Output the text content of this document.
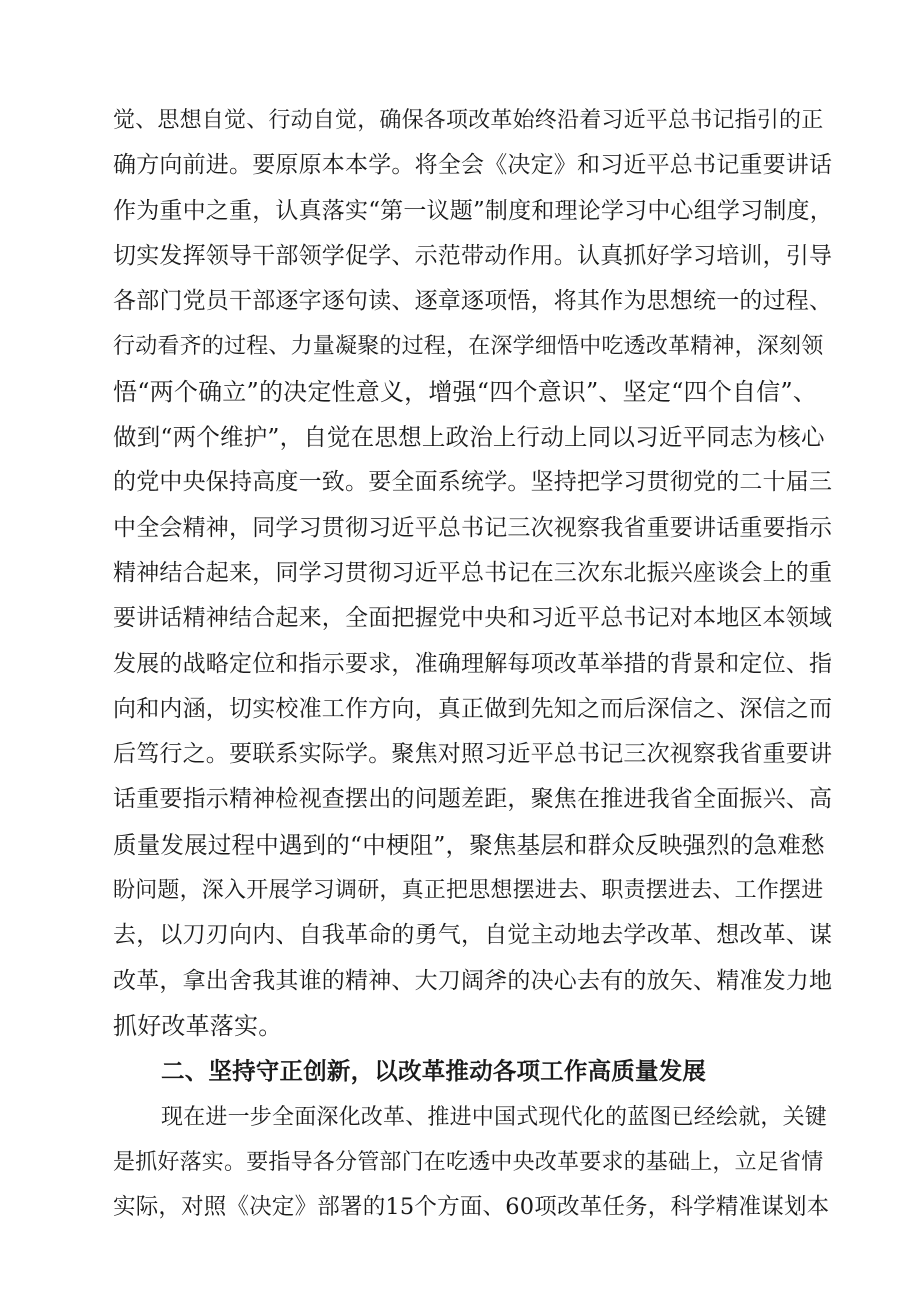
觉、思想自觉、行动自觉，确保各项改革始终沿着习近平总书记指引的正
确方向前进。要原原本本学。将全会《决定》和习近平总书记重要讲话
作为重中之重，认真落实“第一议题”制度和理论学习中心组学习制度，
切实发挥领导干部领学促学、示范带动作用。认真抓好学习培训，引导
各部门党员干部逐字逐句读、逐章逐项悟，将其作为思想统一的过程、
行动看齐的过程、力量凝聚的过程，在深学细悟中吃透改革精神，深刻领
悟“两个确立”的决定性意义，增强“四个意识”、坚定“四个自信”、
做到“两个维护”，自觉在思想上政治上行动上同以习近平同志为核心
的党中央保持高度一致。要全面系统学。坚持把学习贯彻党的二十届三
中全会精神，同学习贯彻习近平总书记三次视察我省重要讲话重要指示
精神结合起来，同学习贯彻习近平总书记在三次东北振兴座谈会上的重
要讲话精神结合起来，全面把握党中央和习近平总书记对本地区本领域
发展的战略定位和指示要求，准确理解每项改革举措的背景和定位、指
向和内涵，切实校准工作方向，真正做到先知之而后深信之、深信之而
后笃行之。要联系实际学。聚焦对照习近平总书记三次视察我省重要讲
话重要指示精神检视查摆出的问题差距，聚焦在推进我省全面振兴、高
质量发展过程中遇到的“中梗阻”，聚焦基层和群众反映强烈的急难愁
盼问题，深入开展学习调研，真正把思想摆进去、职责摆进去、工作摆进
去，以刀刃向内、自我革命的勇气，自觉主动地去学改革、想改革、谋
改革，拿出舍我其谁的精神、大刀阔斧的决心去有的放矢、精准发力地
抓好改革落实。
二、坚持守正创新，以改革推动各项工作高质量发展
现在进一步全面深化改革、推进中国式现代化的蓝图已经绘就，关键
是抓好落实。要指导各分管部门在吃透中央改革要求的基础上，立足省情
实际，对照《决定》部署的15个方面、60项改革任务，科学精准谋划本
